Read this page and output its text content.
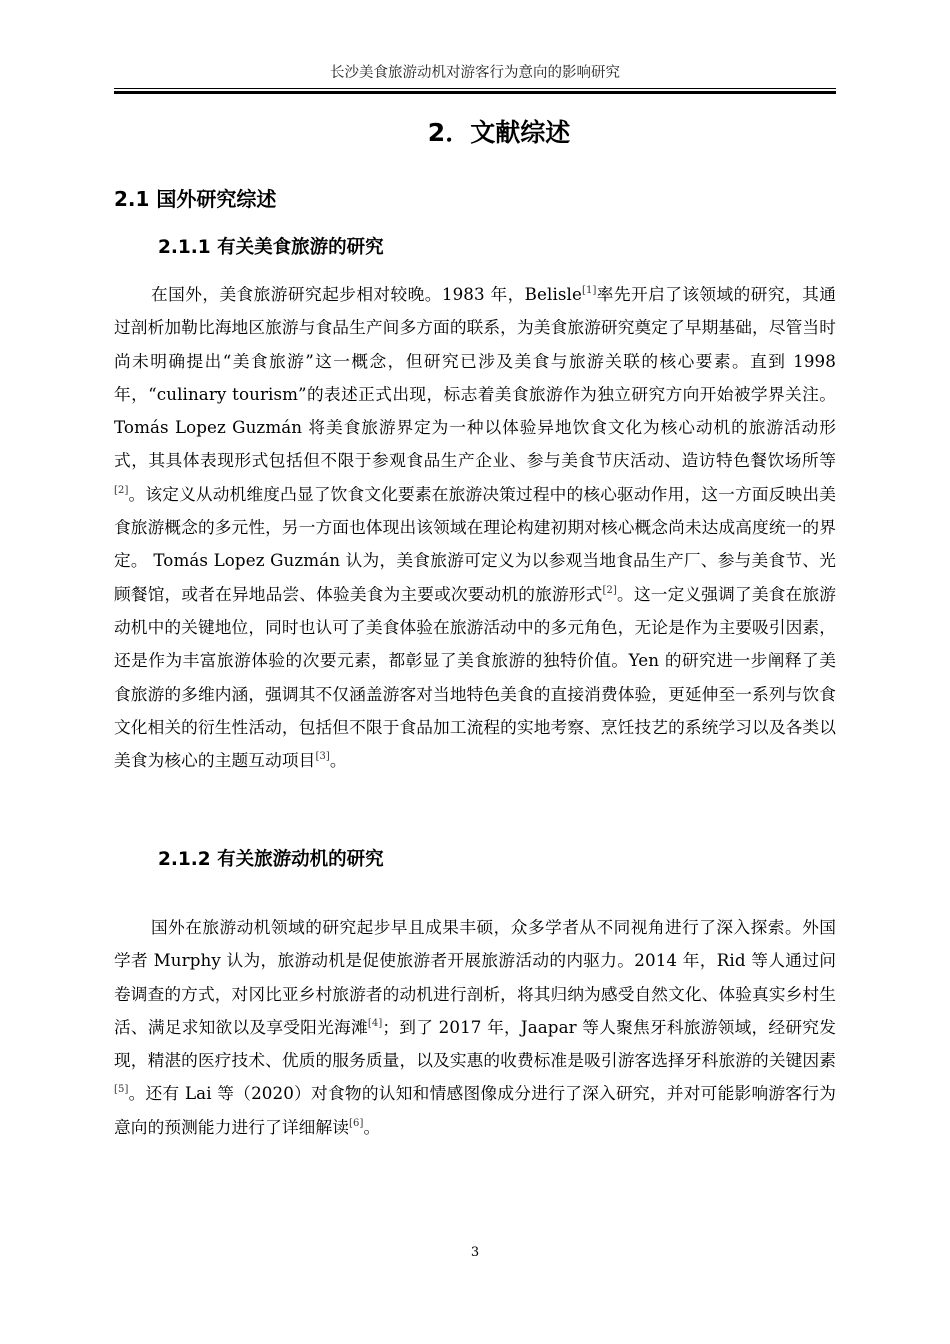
长沙美食旅游动机对游客行为意向的影响研究
2．文献综述
2.1 国外研究综述
2.1.1 有关美食旅游的研究

在国外，美食旅游研究起步相对较晚。1983 年，Belisle[1]率先开启了该领域的研究，其通过剖析加勒比海地区旅游与食品生产间多方面的联系，为美食旅游研究奠定了早期基础，尽管当时尚未明确提出“美食旅游”这一概念，但研究已涉及美食与旅游关联的核心要素。直到 1998 年，“culinary tourism”的表述正式出现，标志着美食旅游作为独立研究方向开始被学界关注。Tomás Lopez Guzmán 将美食旅游界定为一种以体验异地饮食文化为核心动机的旅游活动形式，其具体表现形式包括但不限于参观食品生产企业、参与美食节庆活动、造访特色餐饮场所等[2]。该定义从动机维度凸显了饮食文化要素在旅游决策过程中的核心驱动作用，这一方面反映出美食旅游概念的多元性，另一方面也体现出该领域在理论构建初期对核心概念尚未达成高度统一的界定。 Tomás Lopez Guzmán 认为，美食旅游可定义为以参观当地食品生产厂、参与美食节、光顾餐馆，或者在异地品尝、体验美食为主要或次要动机的旅游形式[2]。这一定义强调了美食在旅游动机中的关键地位，同时也认可了美食体验在旅游活动中的多元角色，无论是作为主要吸引因素，还是作为丰富旅游体验的次要元素，都彰显了美食旅游的独特价值。Yen 的研究进一步阐释了美食旅游的多维内涵，强调其不仅涵盖游客对当地特色美食的直接消费体验，更延伸至一系列与饮食文化相关的衍生性活动，包括但不限于食品加工流程的实地考察、烹饪技艺的系统学习以及各类以美食为核心的主题互动项目[3]。

2.1.2 有关旅游动机的研究

国外在旅游动机领域的研究起步早且成果丰硕，众多学者从不同视角进行了深入探索。外国学者 Murphy 认为，旅游动机是促使旅游者开展旅游活动的内驱力。2014 年，Rid 等人通过问卷调查的方式，对冈比亚乡村旅游者的动机进行剖析，将其归纳为感受自然文化、体验真实乡村生活、满足求知欲以及享受阳光海滩[4]；到了 2017 年，Jaapar 等人聚焦牙科旅游领域，经研究发现，精湛的医疗技术、优质的服务质量，以及实惠的收费标准是吸引游客选择牙科旅游的关键因素[5]。还有 Lai 等（2020）对食物的认知和情感图像成分进行了深入研究，并对可能影响游客行为意向的预测能力进行了详细解读[6]。

3
